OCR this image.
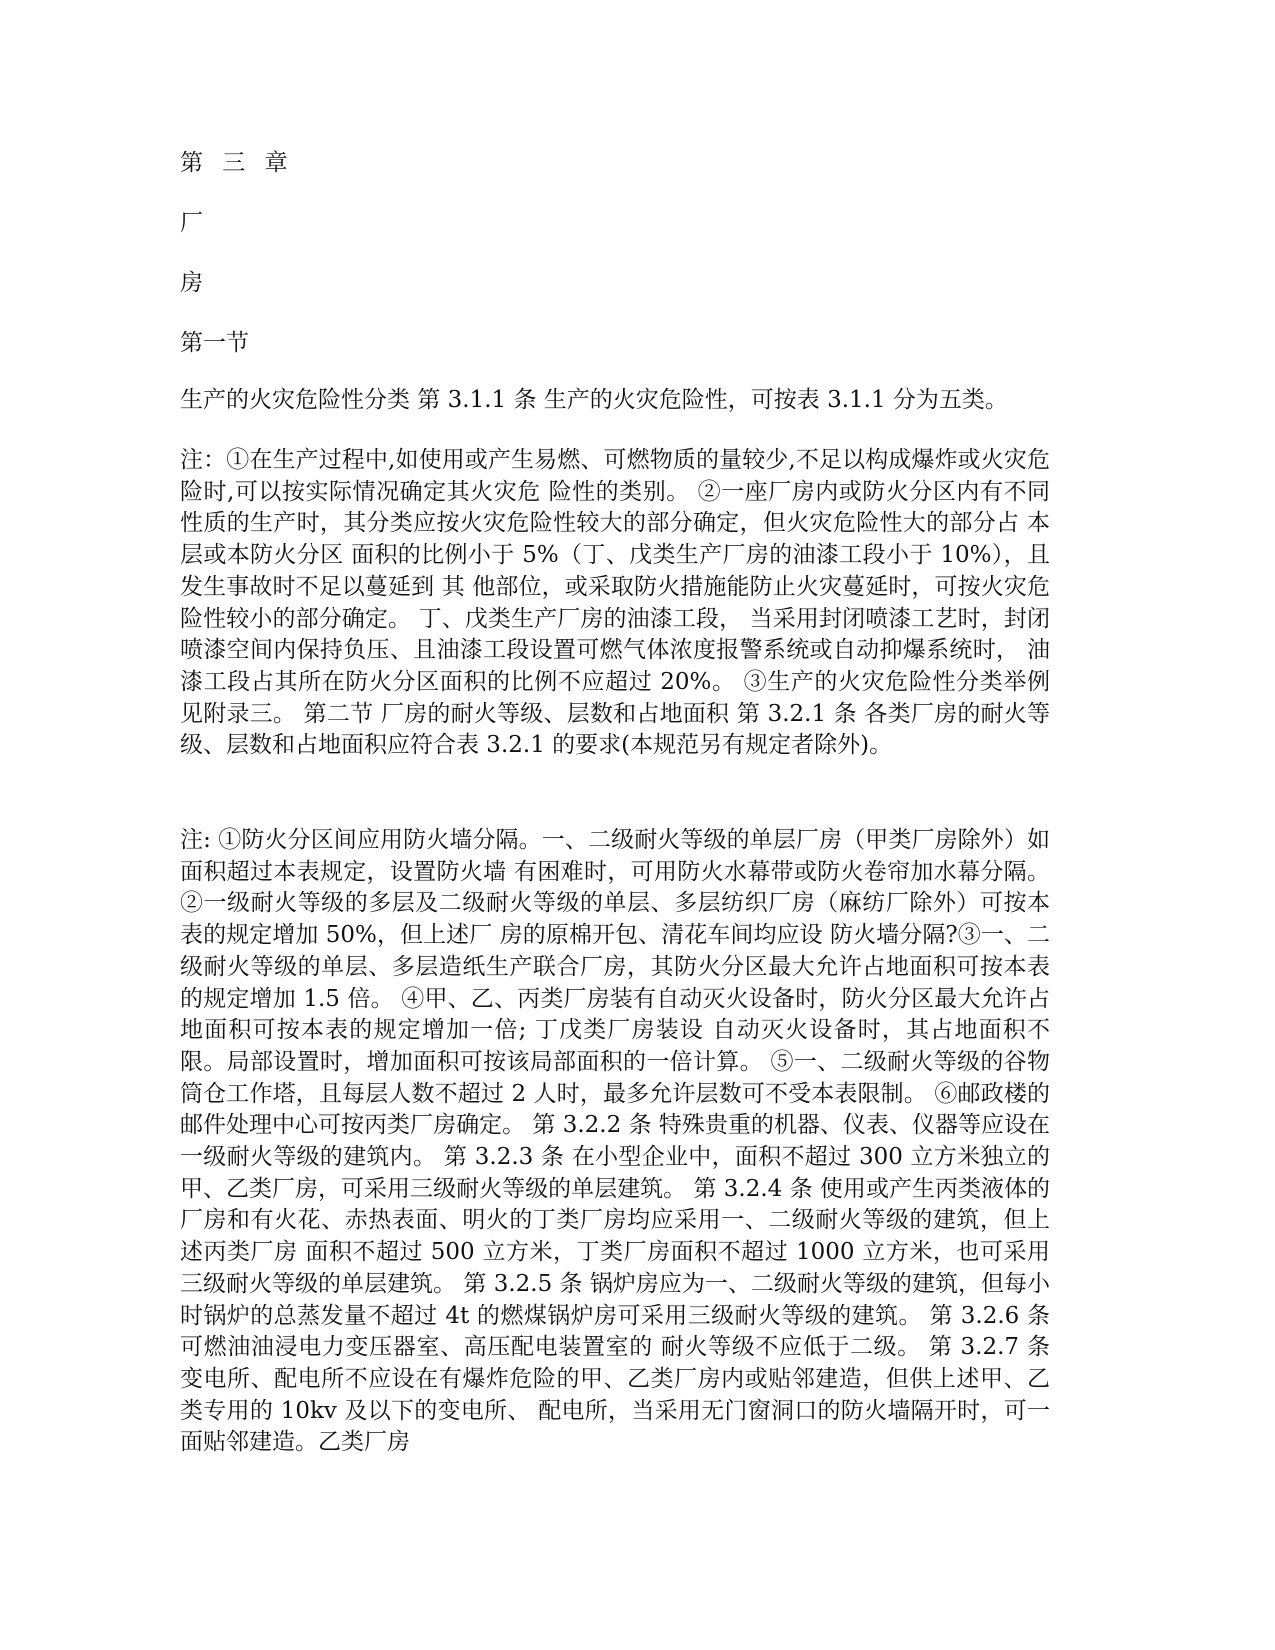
第 三 章
厂
房
第一节

生产的火灾危险性分类 第 3.1.1 条 生产的火灾危险性，可按表 3.1.1 分为五类。

注：①在生产过程中,如使用或产生易燃、可燃物质的量较少,不足以构成爆炸或火灾危险时,可以按实际情况确定其火灾危 险性的类别。 ②一座厂房内或防火分区内有不同性质的生产时，其分类应按火灾危险性较大的部分确定，但火灾危险性大的部分占 本层或本防火分区 面积的比例小于 5%（丁、戊类生产厂房的油漆工段小于 10%），且发生事故时不足以蔓延到 其 他部位，或采取防火措施能防止火灾蔓延时，可按火灾危险性较小的部分确定。 丁、戊类生产厂房的油漆工段， 当采用封闭喷漆工艺时，封闭喷漆空间内保持负压、且油漆工段设置可燃气体浓度报警系统或自动抑爆系统时， 油漆工段占其所在防火分区面积的比例不应超过 20%。 ③生产的火灾危险性分类举例见附录三。 第二节 厂房的耐火等级、层数和占地面积 第 3.2.1 条 各类厂房的耐火等级、层数和占地面积应符合表 3.2.1 的要求(本规范另有规定者除外)。

注: ①防火分区间应用防火墙分隔。一、二级耐火等级的单层厂房（甲类厂房除外）如面积超过本表规定，设置防火墙 有困难时，可用防火水幕带或防火卷帘加水幕分隔。 ②一级耐火等级的多层及二级耐火等级的单层、多层纺织厂房（麻纺厂除外）可按本表的规定增加 50%，但上述厂 房的原棉开包、清花车间均应设 防火墙分隔?③一、二级耐火等级的单层、多层造纸生产联合厂房，其防火分区最大允许占地面积可按本表的规定增加 1.5 倍。 ④甲、乙、丙类厂房装有自动灭火设备时，防火分区最大允许占地面积可按本表的规定增加一倍; 丁戊类厂房装设 自动灭火设备时，其占地面积不限。局部设置时，增加面积可按该局部面积的一倍计算。 ⑤一、二级耐火等级的谷物筒仓工作塔，且每层人数不超过 2 人时，最多允许层数可不受本表限制。 ⑥邮政楼的邮件处理中心可按丙类厂房确定。 第 3.2.2 条 特殊贵重的机器、仪表、仪器等应设在一级耐火等级的建筑内。 第 3.2.3 条 在小型企业中，面积不超过 300 立方米独立的甲、乙类厂房，可采用三级耐火等级的单层建筑。 第 3.2.4 条 使用或产生丙类液体的厂房和有火花、赤热表面、明火的丁类厂房均应采用一、二级耐火等级的建筑，但上述丙类厂房 面积不超过 500 立方米，丁类厂房面积不超过 1000 立方米，也可采用三级耐火等级的单层建筑。 第 3.2.5 条 锅炉房应为一、二级耐火等级的建筑，但每小时锅炉的总蒸发量不超过 4t 的燃煤锅炉房可采用三级耐火等级的建筑。 第 3.2.6 条 可燃油油浸电力变压器室、高压配电装置室的 耐火等级不应低于二级。 第 3.2.7 条 变电所、配电所不应设在有爆炸危险的甲、乙类厂房内或贴邻建造，但供上述甲、乙类专用的 10kv 及以下的变电所、 配电所，当采用无门窗洞口的防火墙隔开时，可一面贴邻建造。乙类厂房
